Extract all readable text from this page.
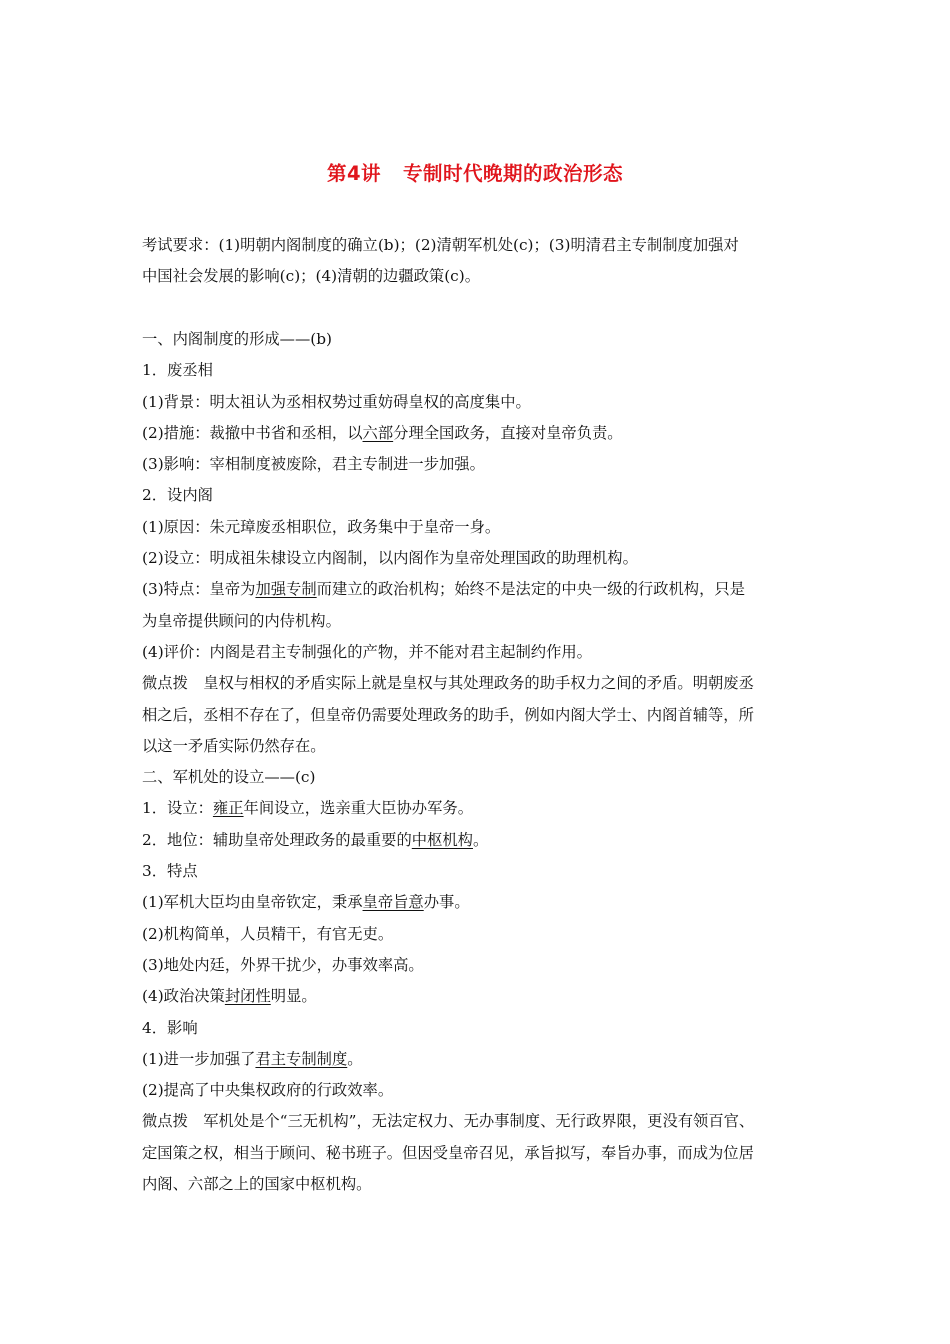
第4讲 专制时代晚期的政治形态

考试要求：(1)明朝内阁制度的确立(b)；(2)清朝军机处(c)；(3)明清君主专制制度加强对

中国社会发展的影响(c)；(4)清朝的边疆政策(c)。

一、内阁制度的形成——(b)

1．废丞相

(1)背景：明太祖认为丞相权势过重妨碍皇权的高度集中。

(2)措施：裁撤中书省和丞相，以六部分理全国政务，直接对皇帝负责。

(3)影响：宰相制度被废除，君主专制进一步加强。

2．设内阁

(1)原因：朱元璋废丞相职位，政务集中于皇帝一身。

(2)设立：明成祖朱棣设立内阁制，以内阁作为皇帝处理国政的助理机构。

(3)特点：皇帝为加强专制而建立的政治机构；始终不是法定的中央一级的行政机构，只是

为皇帝提供顾问的内侍机构。

(4)评价：内阁是君主专制强化的产物，并不能对君主起制约作用。

微点拨　皇权与相权的矛盾实际上就是皇权与其处理政务的助手权力之间的矛盾。明朝废丞

相之后，丞相不存在了，但皇帝仍需要处理政务的助手，例如内阁大学士、内阁首辅等，所

以这一矛盾实际仍然存在。

二、军机处的设立——(c)

1．设立：雍正年间设立，选亲重大臣协办军务。

2．地位：辅助皇帝处理政务的最重要的中枢机构。

3．特点

(1)军机大臣均由皇帝钦定，秉承皇帝旨意办事。

(2)机构简单，人员精干，有官无吏。

(3)地处内廷，外界干扰少，办事效率高。

(4)政治决策封闭性明显。

4．影响

(1)进一步加强了君主专制制度。

(2)提高了中央集权政府的行政效率。

微点拨　军机处是个“三无机构”，无法定权力、无办事制度、无行政界限，更没有领百官、

定国策之权，相当于顾问、秘书班子。但因受皇帝召见，承旨拟写，奉旨办事，而成为位居

内阁、六部之上的国家中枢机构。
